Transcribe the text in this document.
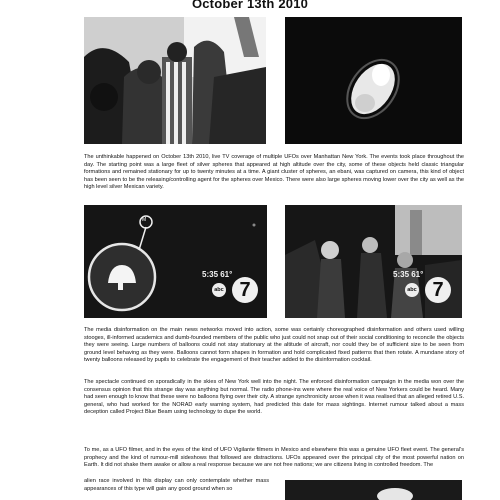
October 13th 2010
The unthinkable happened on October 13th 2010, live TV coverage of multiple UFOs over Manhattan New York. The events took place throughout the day. The starting point was a large fleet of silver spheres that appeared at high altitude over the city, some of these objects held classic triangular formations and remained stationary for up to twenty minutes at a time. A giant cluster of spheres, an ebani, was captured on camera, this kind of object has been seen to be the releasing/controlling agent for the spheres over Mexico. There were also large spheres moving lower over the city as well as the high level silver Mexican variety.
M
5:35 61°
abc 7
5:35 61°
abc 7
The media disinformation on the main news networks moved into action, some was certainly choreographed disinformation and others used willing stooges, ill-informed academics and dumb-founded members of the public who just could not snap out of their social conditioning to reconcile the objects they were seeing. Large numbers of balloons could not stay stationary at the altitude of aircraft, nor could they be of sufficient size to be seen from ground level behaving as they were. Balloons cannot form shapes in formation and hold complicated fixed patterns that then rotate. A mundane story of twenty balloons released by pupils to celebrate the engagement of their teacher added to the disinformation cocktail.
The spectacle continued on sporadically in the skies of New York well into the night. The enforced disinformation campaign in the media won over the consensus opinion that this strange day was anything but normal. The radio phone-ins were where the real voice of New Yorkers could be heard. Many had seen enough to know that these were no balloons flying over their city. A strange synchronicity arose when it was realised that an alleged retired U.S. general, who had worked for the NORAD early warning system, had predicted this date for mass sightings. Internet rumour talked about a mass deception called Project Blue Beam using technology to dupe the world.
To me, as a UFO filmer, and in the eyes of the kind of UFO Vigilante filmers in Mexico and elsewhere this was a genuine UFO fleet event. The general's prophecy and the kind of rumour-mill sideshows that followed are distractions. UFOs appeared over the principal city of the most powerful nation on Earth. It did not shake them awake or allow a real response because we are not free nations; we are citizens living in controlled freedom. The
alien race involved in this display can only contemplate whether mass appearances of this type will gain any good ground when so
